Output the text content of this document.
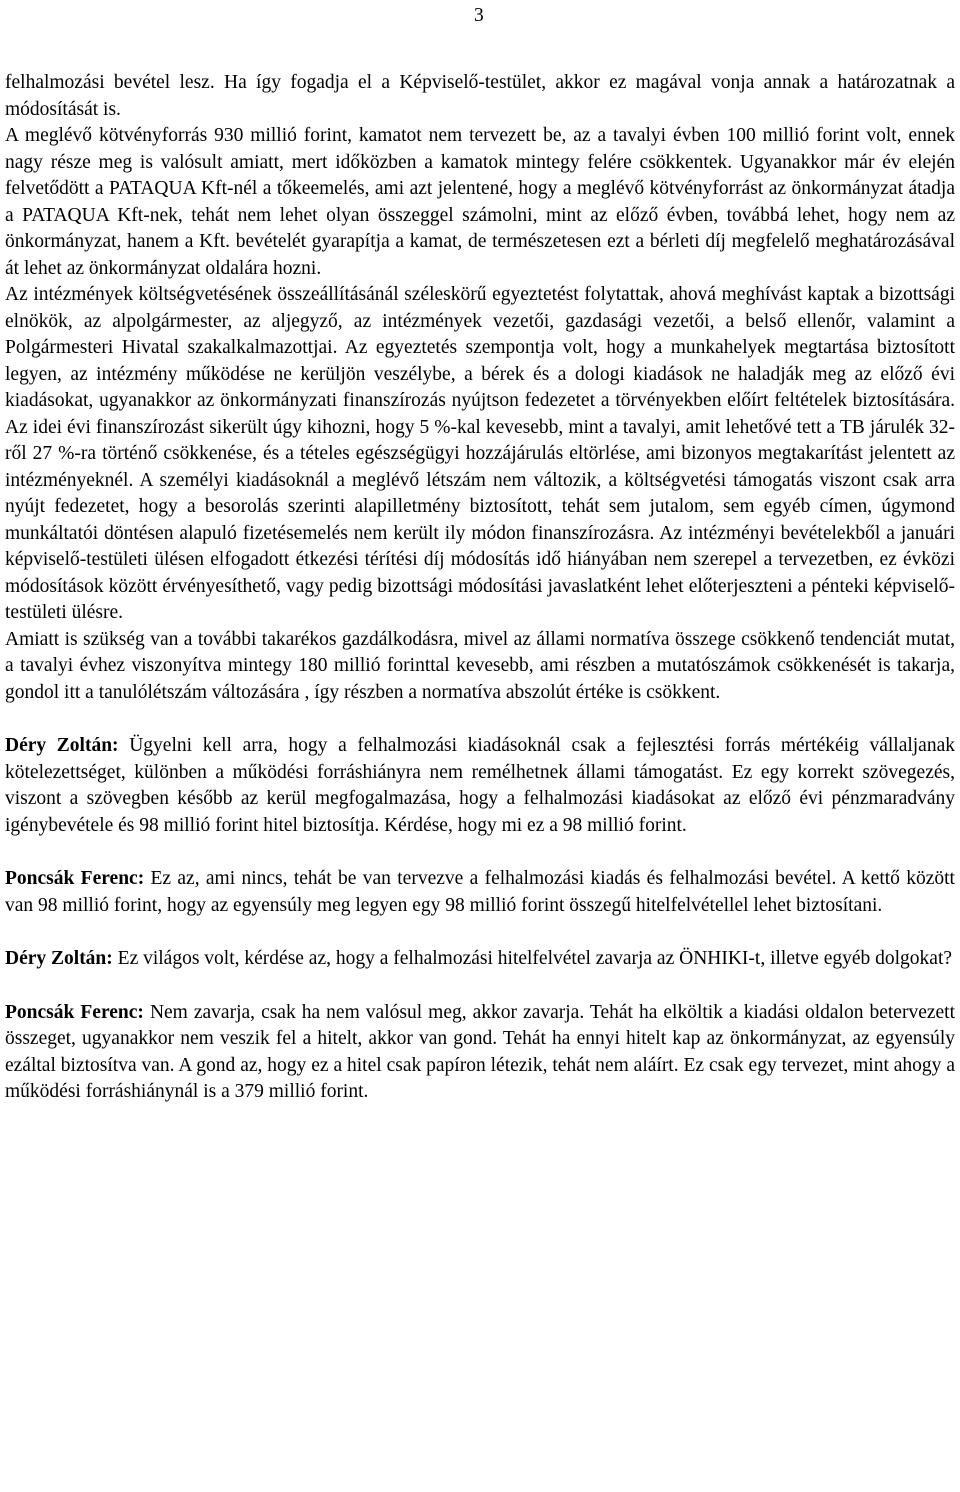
3

felhalmozási bevétel lesz. Ha így fogadja el a Képviselő-testület, akkor ez magával vonja annak a határozatnak a módosítását is.

A meglévő kötvényforrás 930 millió forint, kamatot nem tervezett be, az a tavalyi évben 100 millió forint volt, ennek nagy része meg is valósult amiatt, mert időközben a kamatok mintegy felére csökkentek. Ugyanakkor már év elején felvetődött a PATAQUA Kft-nél a tőkeemelés, ami azt jelentené, hogy a meglévő kötvényforrást az önkormányzat átadja a PATAQUA Kft-nek, tehát nem lehet olyan összeggel számolni, mint az előző évben, továbbá lehet, hogy nem az önkormányzat, hanem a Kft. bevételét gyarapítja a kamat, de természetesen ezt a bérleti díj megfelelő meghatározásával át lehet az önkormányzat oldalára hozni.

Az intézmények költségvetésének összeállításánál széleskörű egyeztetést folytattak, ahová meghívást kaptak a bizottsági elnökök, az alpolgármester, az aljegyző, az intézmények vezetői, gazdasági vezetői, a belső ellenőr, valamint a Polgármesteri Hivatal szakalkalmazottjai. Az egyeztetés szempontja volt, hogy a munkahelyek megtartása biztosított legyen, az intézmény működése ne kerüljön veszélybe, a bérek és a dologi kiadások ne haladják meg az előző évi kiadásokat, ugyanakkor az önkormányzati finanszírozás nyújtson fedezetet a törvényekben előírt feltételek biztosítására. Az idei évi finanszírozást sikerült úgy kihozni, hogy 5 %-kal kevesebb, mint a tavalyi, amit lehetővé tett a TB járulék 32-ről 27 %-ra történő csökkenése, és a tételes egészségügyi hozzájárulás eltörlése, ami bizonyos megtakarítást jelentett az intézményeknél. A személyi kiadásoknál a meglévő létszám nem változik, a költségvetési támogatás viszont csak arra nyújt fedezetet, hogy a besorolás szerinti alapilletmény biztosított, tehát sem jutalom, sem egyéb címen, úgymond munkáltatói döntésen alapuló fizetésemelés nem került ily módon finanszírozásra. Az intézményi bevételekből a januári képviselő-testületi ülésen elfogadott étkezési térítési díj módosítás idő hiányában nem szerepel a tervezetben, ez évközi módosítások között érvényesíthető, vagy pedig bizottsági módosítási javaslatként lehet előterjeszteni a pénteki képviselő-testületi ülésre.

Amiatt is szükség van a további takarékos gazdálkodásra, mivel az állami normatíva összege csökkenő tendenciát mutat, a tavalyi évhez viszonyítva mintegy 180 millió forinttal kevesebb, ami részben a mutatószámok csökkenését is takarja, gondol itt a tanulólétszám változására , így részben a normatíva abszolút értéke is csökkent.

Déry Zoltán: Ügyelni kell arra, hogy a felhalmozási kiadásoknál csak a fejlesztési forrás mértékéig vállaljanak kötelezettséget, különben a működési forráshiányra nem remélhetnek állami támogatást. Ez egy korrekt szövegezés, viszont a szövegben később az kerül megfogalmazása, hogy a felhalmozási kiadásokat az előző évi pénzmaradvány igénybevétele és 98 millió forint hitel biztosítja. Kérdése, hogy mi ez a 98 millió forint.

Poncsák Ferenc: Ez az, ami nincs, tehát be van tervezve a felhalmozási kiadás és felhalmozási bevétel. A kettő között van 98 millió forint, hogy az egyensúly meg legyen egy 98 millió forint összegű hitelfelvétellel lehet biztosítani.

Déry Zoltán: Ez világos volt, kérdése az, hogy a felhalmozási hitelfelvétel zavarja az ÖNHIKI-t, illetve egyéb dolgokat?

Poncsák Ferenc: Nem zavarja, csak ha nem valósul meg, akkor zavarja. Tehát ha elköltik a kiadási oldalon betervezett összeget, ugyanakkor nem veszik fel a hitelt, akkor van gond. Tehát ha ennyi hitelt kap az önkormányzat, az egyensúly ezáltal biztosítva van. A gond az, hogy ez a hitel csak papíron létezik, tehát nem aláírt. Ez csak egy tervezet, mint ahogy a működési forráshiánynál is a 379 millió forint.
